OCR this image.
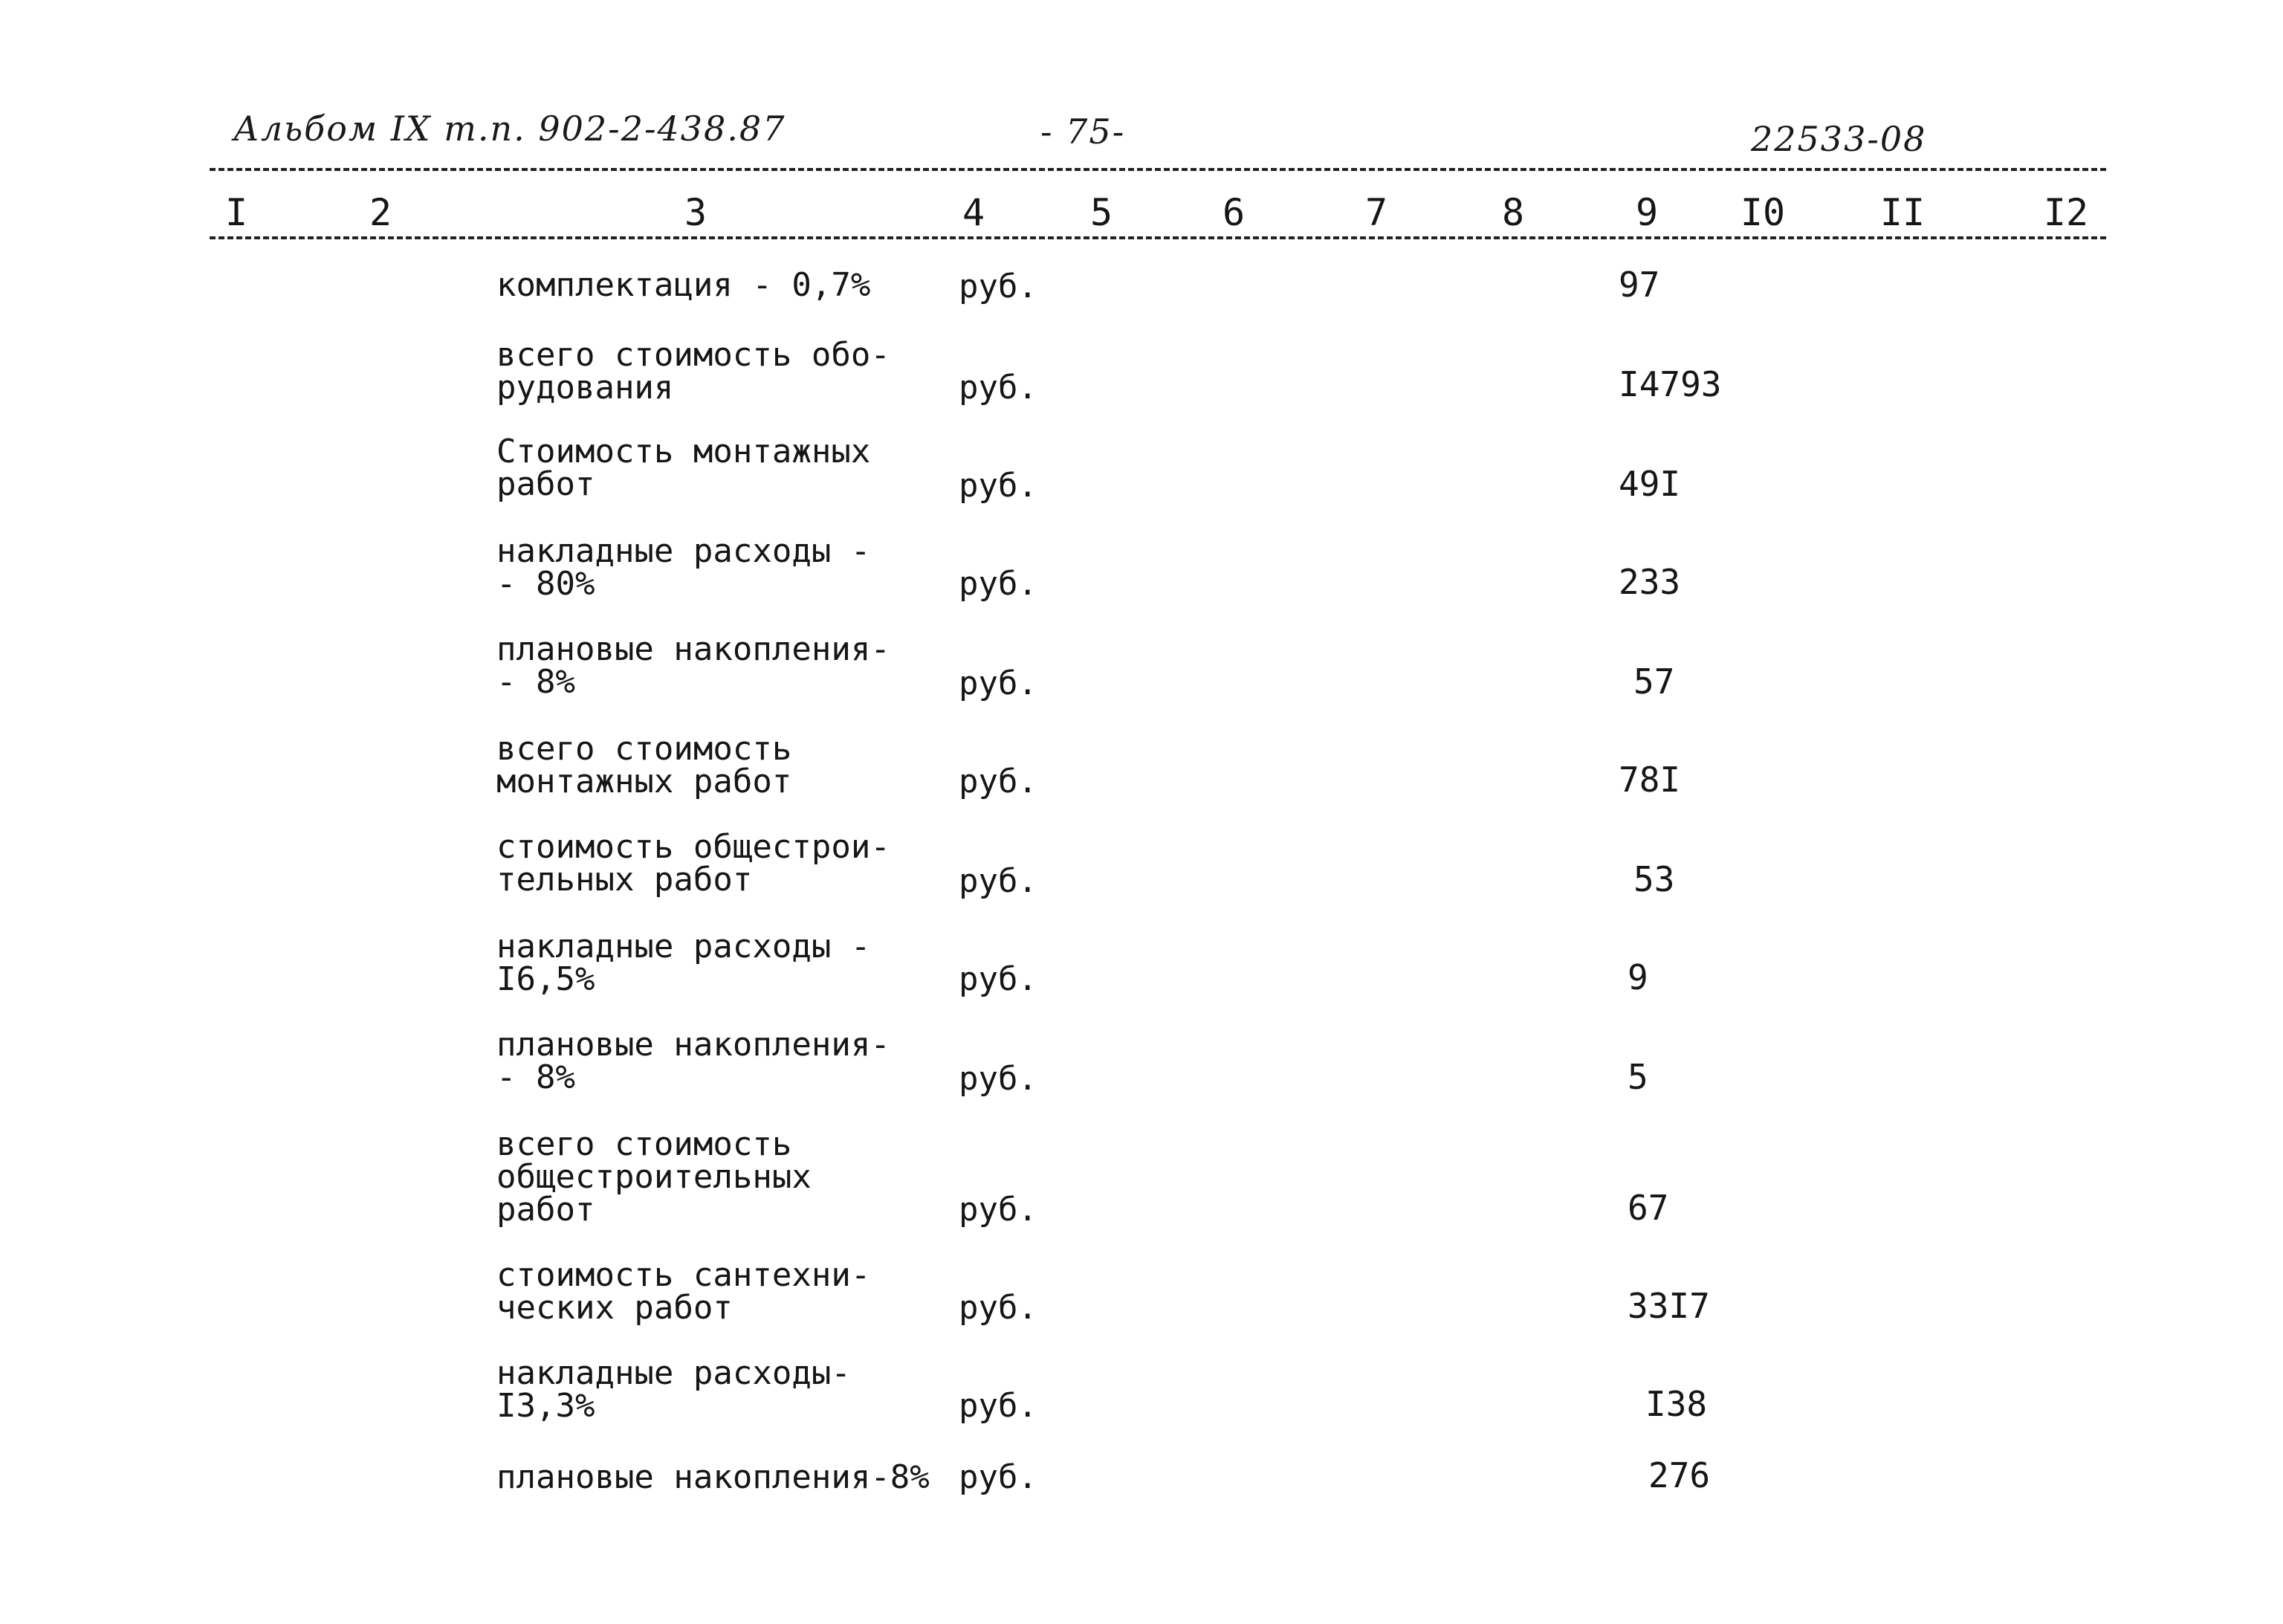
Альбом IX т.п. 902-2-438.87	- 75-	22533-08
I	2	3	4	5	6	7	8	9 I0	II	I2
комплектация - 0,7%	руб.	97
всего стоимость обо-
рудования	руб.	I4793
Стоимость монтажных
работ	руб.	49I
накладные расходы -
- 80%	руб.	233
плановые накопления-
- 8%	руб.	57
всего стоимость
монтажных работ	руб.	78I
стоимость общестрои-
тельных работ	руб.	53
накладные расходы -
I6,5%	руб.	9
плановые накопления-
- 8%	руб.	5
всего стоимость
общестроительных
работ	руб.	67
стоимость сантехни-
ческих работ	руб.	33I7
накладные расходы-
I3,3%	руб.	I38
плановые накопления-8% руб.	276
